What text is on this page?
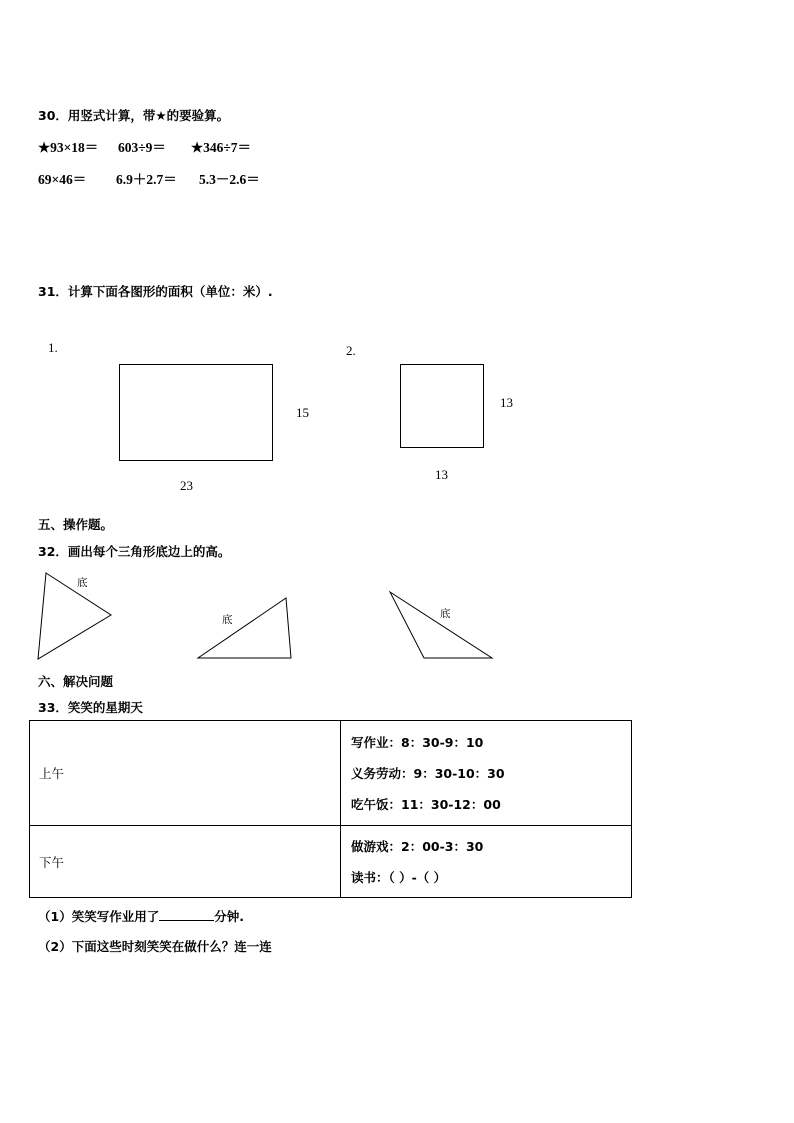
30．用竖式计算，带★的要验算。
★93×18＝ 603÷9＝ ★346÷7＝
69×46＝ 6.9＋2.7＝ 5.3－2.6＝
31．计算下面各图形的面积（单位：米）.
1.
15
23
2.
13
13
五、操作题。
32．画出每个三角形底边上的高。
底
底	底
六、解决问题
33．笑笑的星期天
上午	写作业：8：30-9：10
义务劳动：9：30-10：30
吃午饭：11：30-12：00

下午	做游戏：2：00-3：30
读书：（ ）-（ ）
（1）笑笑写作业用了	分钟.
（2）下面这些时刻笑笑在做什么？连一连
